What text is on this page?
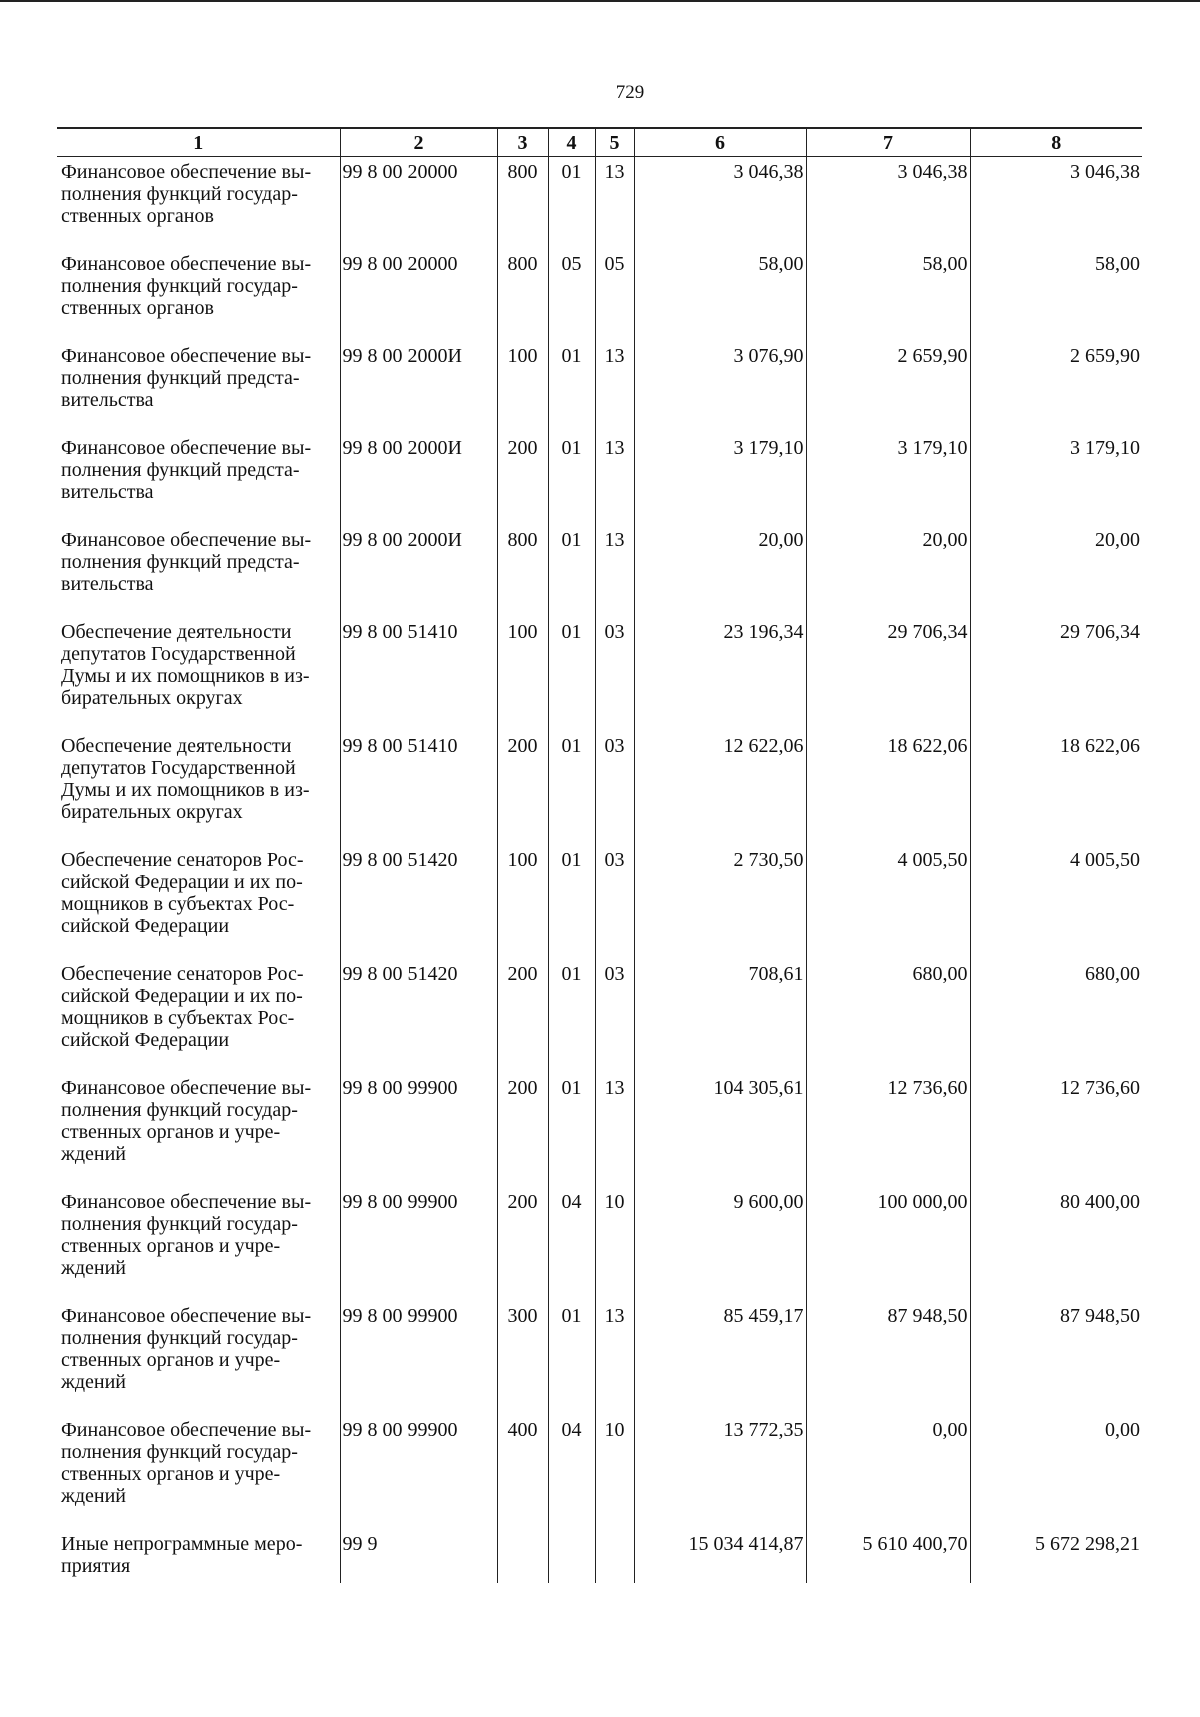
729
1	2	3	4	5	6	7	8
Финансовое обеспечение вы-полнения функций государ-ственных органов	99 8 00 20000	800	01	13	3 046,38	3 046,38	3 046,38
Финансовое обеспечение вы-полнения функций государ-ственных органов	99 8 00 20000	800	05	05	58,00	58,00	58,00
Финансовое обеспечение вы-полнения функций предста-вительства	99 8 00 2000И	100	01	13	3 076,90	2 659,90	2 659,90
Финансовое обеспечение вы-полнения функций предста-вительства	99 8 00 2000И	200	01	13	3 179,10	3 179,10	3 179,10
Финансовое обеспечение вы-полнения функций предста-вительства	99 8 00 2000И	800	01	13	20,00	20,00	20,00
Обеспечение деятельности депутатов Государственной Думы и их помощников в из-бирательных округах	99 8 00 51410	100	01	03	23 196,34	29 706,34	29 706,34
Обеспечение деятельности депутатов Государственной Думы и их помощников в из-бирательных округах	99 8 00 51410	200	01	03	12 622,06	18 622,06	18 622,06
Обеспечение сенаторов Рос-сийской Федерации и их по-мощников в субъектах Рос-сийской Федерации	99 8 00 51420	100	01	03	2 730,50	4 005,50	4 005,50
Обеспечение сенаторов Рос-сийской Федерации и их по-мощников в субъектах Рос-сийской Федерации	99 8 00 51420	200	01	03	708,61	680,00	680,00
Финансовое обеспечение вы-полнения функций государ-ственных органов и учре-ждений	99 8 00 99900	200	01	13	104 305,61	12 736,60	12 736,60
Финансовое обеспечение вы-полнения функций государ-ственных органов и учре-ждений	99 8 00 99900	200	04	10	9 600,00	100 000,00	80 400,00
Финансовое обеспечение вы-полнения функций государ-ственных органов и учре-ждений	99 8 00 99900	300	01	13	85 459,17	87 948,50	87 948,50
Финансовое обеспечение вы-полнения функций государ-ственных органов и учре-ждений	99 8 00 99900	400	04	10	13 772,35	0,00	0,00
Иные непрограммные меро-приятия	99 9				15 034 414,87	5 610 400,70	5 672 298,21
